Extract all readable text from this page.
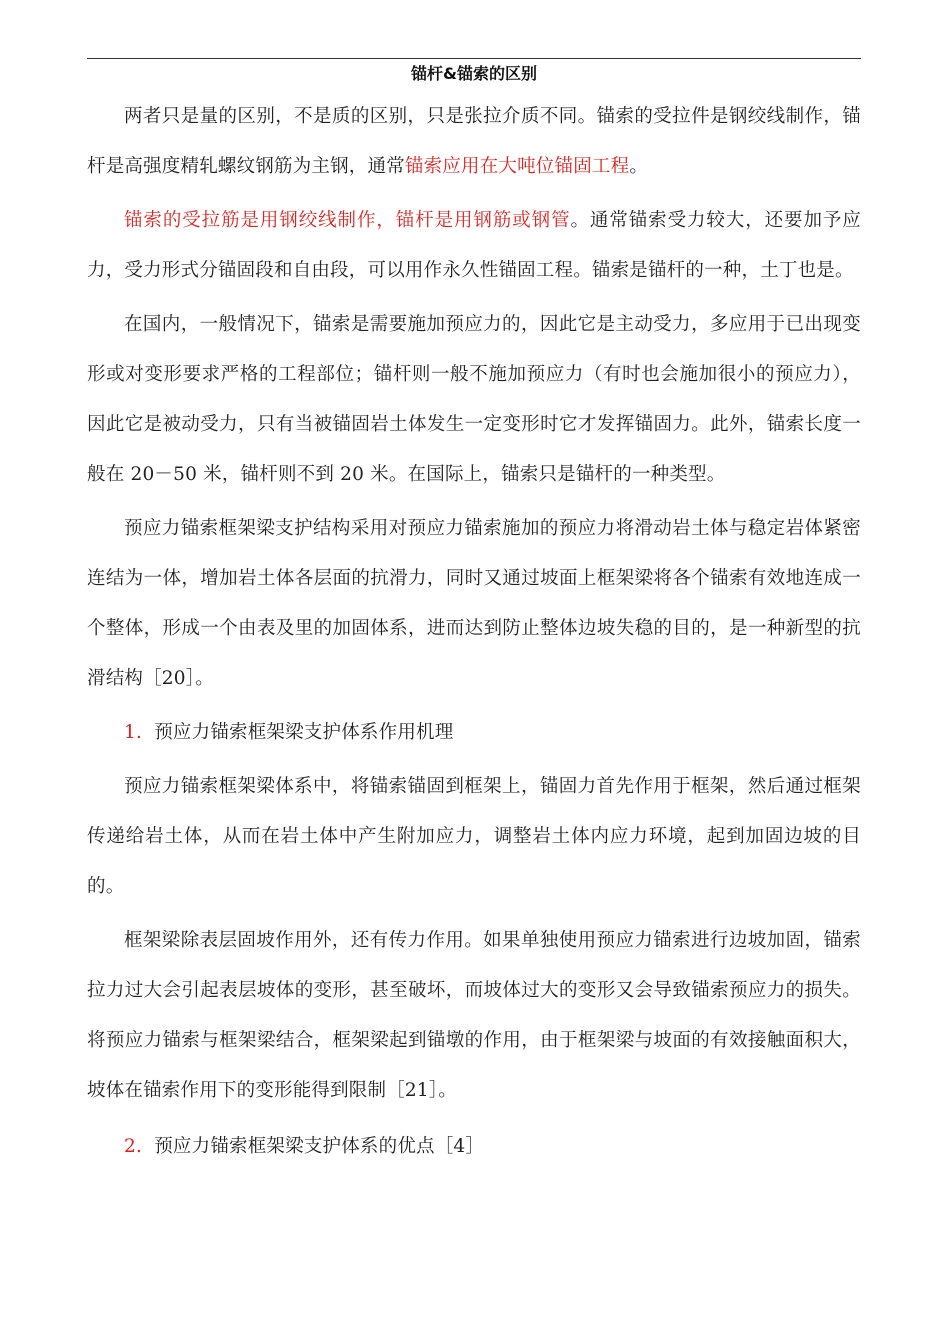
锚杆&锚索的区别

两者只是量的区别，不是质的区别，只是张拉介质不同。锚索的受拉件是钢绞线制作，锚杆是高强度精轧螺纹钢筋为主钢，通常锚索应用在大吨位锚固工程。

锚索的受拉筋是用钢绞线制作，锚杆是用钢筋或钢管。通常锚索受力较大，还要加予应力，受力形式分锚固段和自由段，可以用作永久性锚固工程。锚索是锚杆的一种，土丁也是。

在国内，一般情况下，锚索是需要施加预应力的，因此它是主动受力，多应用于已出现变形或对变形要求严格的工程部位；锚杆则一般不施加预应力（有时也会施加很小的预应力），因此它是被动受力，只有当被锚固岩土体发生一定变形时它才发挥锚固力。此外，锚索长度一般在 20－50 米，锚杆则不到 20 米。在国际上，锚索只是锚杆的一种类型。

预应力锚索框架梁支护结构采用对预应力锚索施加的预应力将滑动岩土体与稳定岩体紧密连结为一体，增加岩土体各层面的抗滑力，同时又通过坡面上框架梁将各个锚索有效地连成一个整体，形成一个由表及里的加固体系，进而达到防止整体边坡失稳的目的，是一种新型的抗滑结构［20］。

1. 预应力锚索框架梁支护体系作用机理

预应力锚索框架梁体系中，将锚索锚固到框架上，锚固力首先作用于框架，然后通过框架传递给岩土体，从而在岩土体中产生附加应力，调整岩土体内应力环境，起到加固边坡的目的。

框架梁除表层固坡作用外，还有传力作用。如果单独使用预应力锚索进行边坡加固，锚索拉力过大会引起表层坡体的变形，甚至破坏，而坡体过大的变形又会导致锚索预应力的损失。将预应力锚索与框架梁结合，框架梁起到锚墩的作用，由于框架梁与坡面的有效接触面积大，坡体在锚索作用下的变形能得到限制［21］。

2. 预应力锚索框架梁支护体系的优点［4］
